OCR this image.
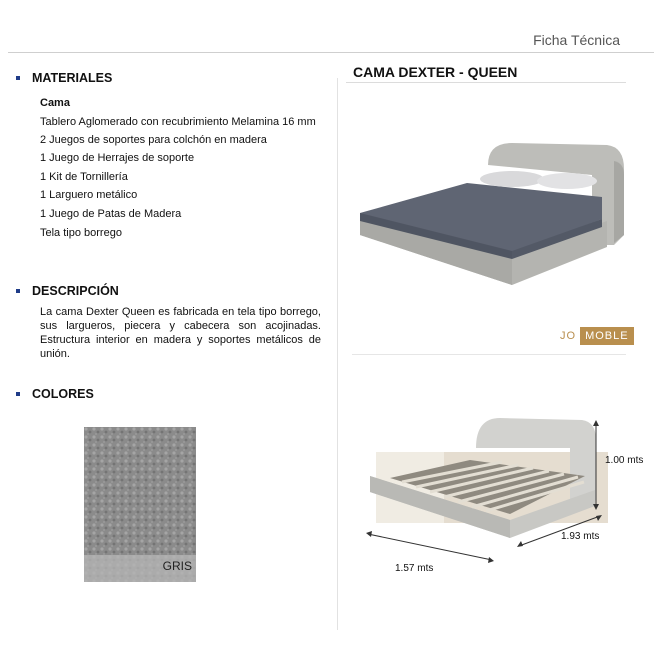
Ficha Técnica
MATERIALES
Cama
Tablero Aglomerado con recubrimiento Melamina 16 mm
2 Juegos de soportes para colchón en madera
1 Juego de Herrajes de soporte
1 Kit de Tornillería
1 Larguero metálico
1 Juego de Patas de Madera
Tela tipo borrego
DESCRIPCIÓN
La cama Dexter Queen es fabricada en tela tipo borrego, sus largueros, piecera y cabecera son acojinadas. Estructura interior en madera y soportes metálicos de unión.
COLORES
GRIS
CAMA DEXTER - QUEEN
JO MOBLE
1.00 mts
1.93 mts
1.57 mts
